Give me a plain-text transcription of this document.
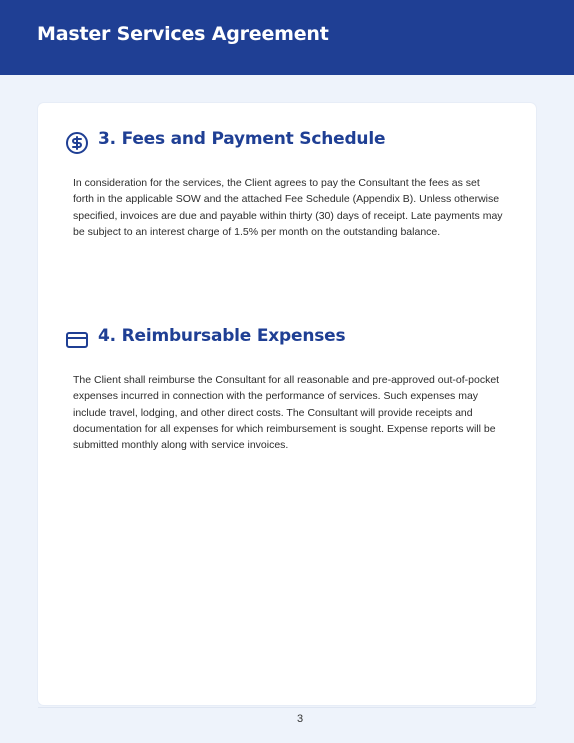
Master Services Agreement
3. Fees and Payment Schedule

In consideration for the services, the Client agrees to pay the Consultant the fees as set forth in the applicable SOW and the attached Fee Schedule (Appendix B). Unless otherwise specified, invoices are due and payable within thirty (30) days of receipt. Late payments may be subject to an interest charge of 1.5% per month on the outstanding balance.

4. Reimbursable Expenses

The Client shall reimburse the Consultant for all reasonable and pre-approved out-of-pocket expenses incurred in connection with the performance of services. Such expenses may include travel, lodging, and other direct costs. The Consultant will provide receipts and documentation for all expenses for which reimbursement is sought. Expense reports will be submitted monthly along with service invoices.

3
